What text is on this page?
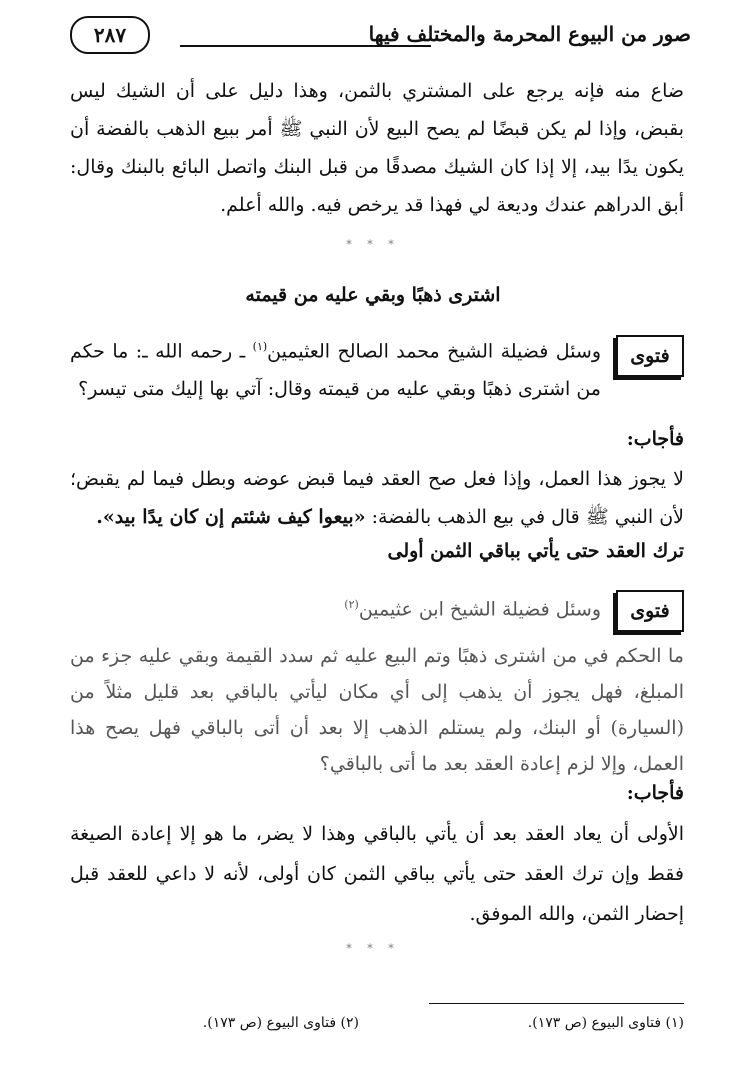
صور من البيوع المحرمة والمختلف فيها
٢٨٧
ضاع منه فإنه يرجع على المشتري بالثمن، وهذا دليل على أن الشيك ليس بقبض، وإذا لم يكن قبضًا لم يصح البيع لأن النبي ﷺ أمر ببيع الذهب بالفضة أن يكون يدًا بيد، إلا إذا كان الشيك مصدقًا من قبل البنك واتصل البائع بالبنك وقال: أبق الدراهم عندك وديعة لي فهذا قد يرخص فيه. والله أعلم.
* * *
اشترى ذهبًا وبقي عليه من قيمته
فتوى
وسئل فضيلة الشيخ محمد الصالح العثيمين$^{(١)}$ ـ رحمه الله ـ: ما حكم من اشترى ذهبًا وبقي عليه من قيمته وقال: آتي بها إليك متى تيسر؟
فأجاب:
لا يجوز هذا العمل، وإذا فعل صح العقد فيما قبض عوضه وبطل فيما لم يقبض؛ لأن النبي ﷺ قال في بيع الذهب بالفضة: «بيعوا كيف شئتم إن كان يدًا بيد».
ترك العقد حتى يأتي بباقي الثمن أولى
فتوى
وسئل فضيلة الشيخ ابن عثيمين$^{(٢)}$
ما الحكم في من اشترى ذهبًا وتم البيع عليه ثم سدد القيمة وبقي عليه جزء من المبلغ، فهل يجوز أن يذهب إلى أي مكان ليأتي بالباقي بعد قليل مثلاً من (السيارة) أو البنك، ولم يستلم الذهب إلا بعد أن أتى بالباقي فهل يصح هذا العمل، وإلا لزم إعادة العقد بعد ما أتى بالباقي؟
فأجاب:
الأولى أن يعاد العقد بعد أن يأتي بالباقي وهذا لا يضر، ما هو إلا إعادة الصيغة فقط وإن ترك العقد حتى يأتي بباقي الثمن كان أولى، لأنه لا داعي للعقد قبل إحضار الثمن، والله الموفق.
* * *
(١) فتاوى البيوع (ص ١٧٣).
(٢) فتاوى البيوع (ص ١٧٣).
